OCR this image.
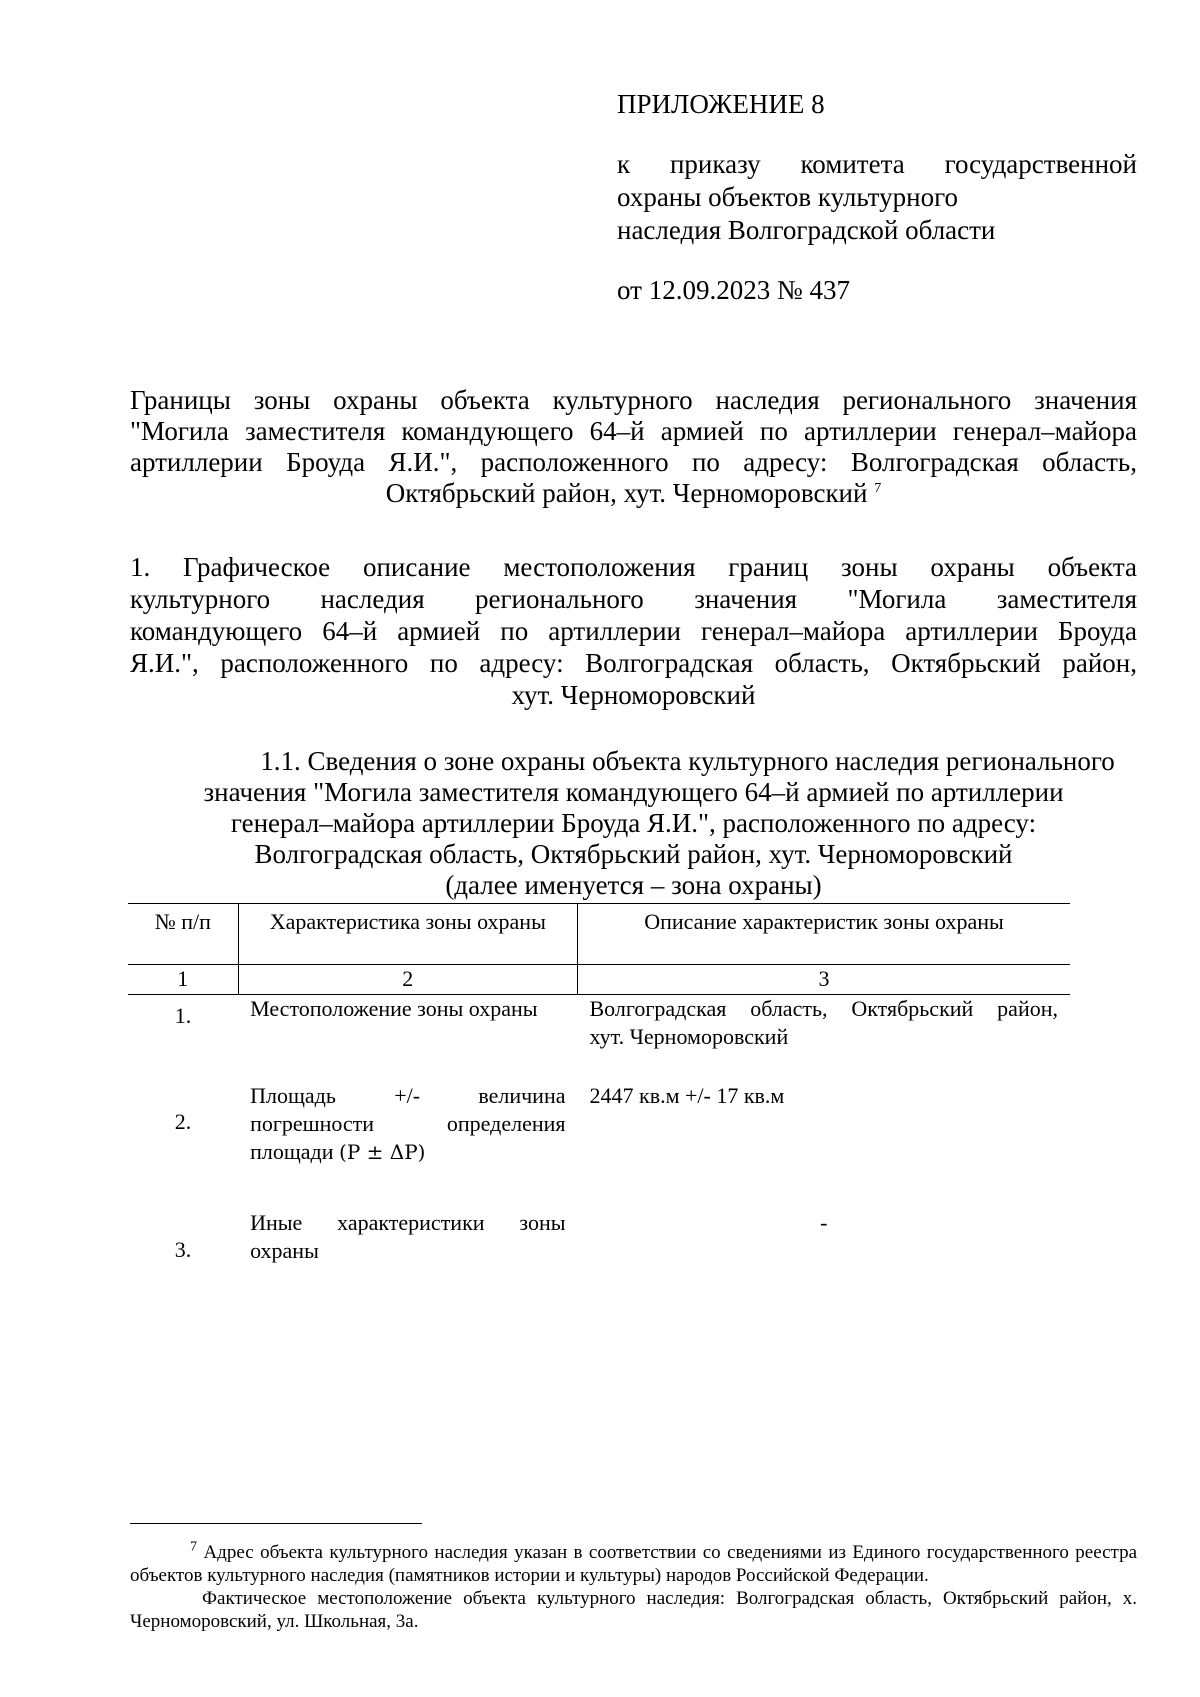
ПРИЛОЖЕНИЕ 8
к приказу комитета государственной
охраны объектов культурного
наследия Волгоградской области
от 12.09.2023 № 437
Границы зоны охраны объекта культурного наследия регионального значения
"Могила заместителя командующего 64–й армией по артиллерии генерал–майора
артиллерии Броуда Я.И.", расположенного по адресу: Волгоградская область,
Октябрьский район, хут. Черноморовский $^7$
1. Графическое описание местоположения границ зоны охраны объекта
культурного наследия регионального значения "Могила заместителя
командующего 64–й армией по артиллерии генерал–майора артиллерии Броуда
Я.И.", расположенного по адресу: Волгоградская область, Октябрьский район,
хут. Черноморовский
1.1. Сведения о зоне охраны объекта культурного наследия регионального
значения "Могила заместителя командующего 64–й армией по артиллерии
генерал–майора артиллерии Броуда Я.И.", расположенного по адресу:
Волгоградская область, Октябрьский район, хут. Черноморовский
(далее именуется – зона охраны)
№ п/п	Характеристика зоны охраны	Описание характеристик зоны охраны
1	2	3
1.	Местоположение зоны охраны	Волгоградская область, Октябрьский район,
хут. Черноморовский

2.	Площадь +/- величина
погрешности определения
площади (P ± ΔP)	2447 кв.м +/- 17 кв.м
3.	Иные характеристики зоны
охраны	-

$^7$ Адрес объекта культурного наследия указан в соответствии со сведениями из Единого государственного реестра объектов культурного наследия (памятников истории и культуры) народов Российской Федерации.

Фактическое местоположение объекта культурного наследия: Волгоградская область, Октябрьский район, х. Черноморовский, ул. Школьная, 3а.
